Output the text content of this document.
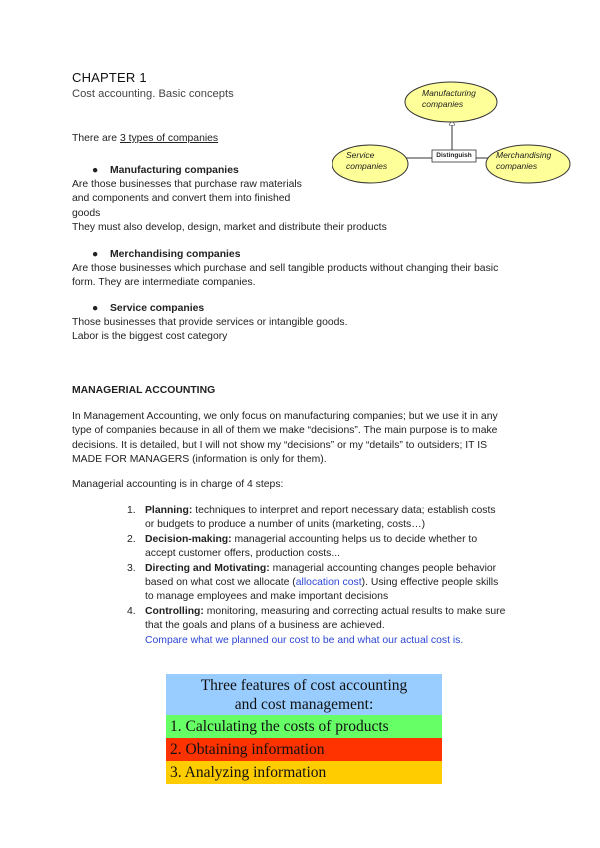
CHAPTER 1
Cost accounting. Basic concepts	Manufacturing companies
Service companies
Merchandising companies
Distinguish
There are 3 types of companies
● Manufacturing companies
Are those businesses that purchase raw materials
and components and convert them into finished
goods
They must also develop, design, market and distribute their products
● Merchandising companies
Are those businesses which purchase and sell tangible products without changing their basic
form. They are intermediate companies.
● Service companies
Those businesses that provide services or intangible goods.
Labor is the biggest cost category
MANAGERIAL ACCOUNTING
In Management Accounting, we only focus on manufacturing companies; but we use it in any
type of companies because in all of them we make “decisions”. The main purpose is to make
decisions. It is detailed, but I will not show my “decisions” or my “details” to outsiders; IT IS
MADE FOR MANAGERS (information is only for them).
Managerial accounting is in charge of 4 steps:
1. Planning: techniques to interpret and report necessary data; establish costs
or budgets to produce a number of units (marketing, costs…)
2. Decision-making: managerial accounting helps us to decide whether to
accept customer offers, production costs...
3. Directing and Motivating: managerial accounting changes people behavior
based on what cost we allocate (allocation cost). Using effective people skills
to manage employees and make important decisions
4. Controlling: monitoring, measuring and correcting actual results to make sure
that the goals and plans of a business are achieved.
Compare what we planned our cost to be and what our actual cost is.
Three features of cost accounting
and cost management:
1. Calculating the costs of products
2. Obtaining information
3. Analyzing information
